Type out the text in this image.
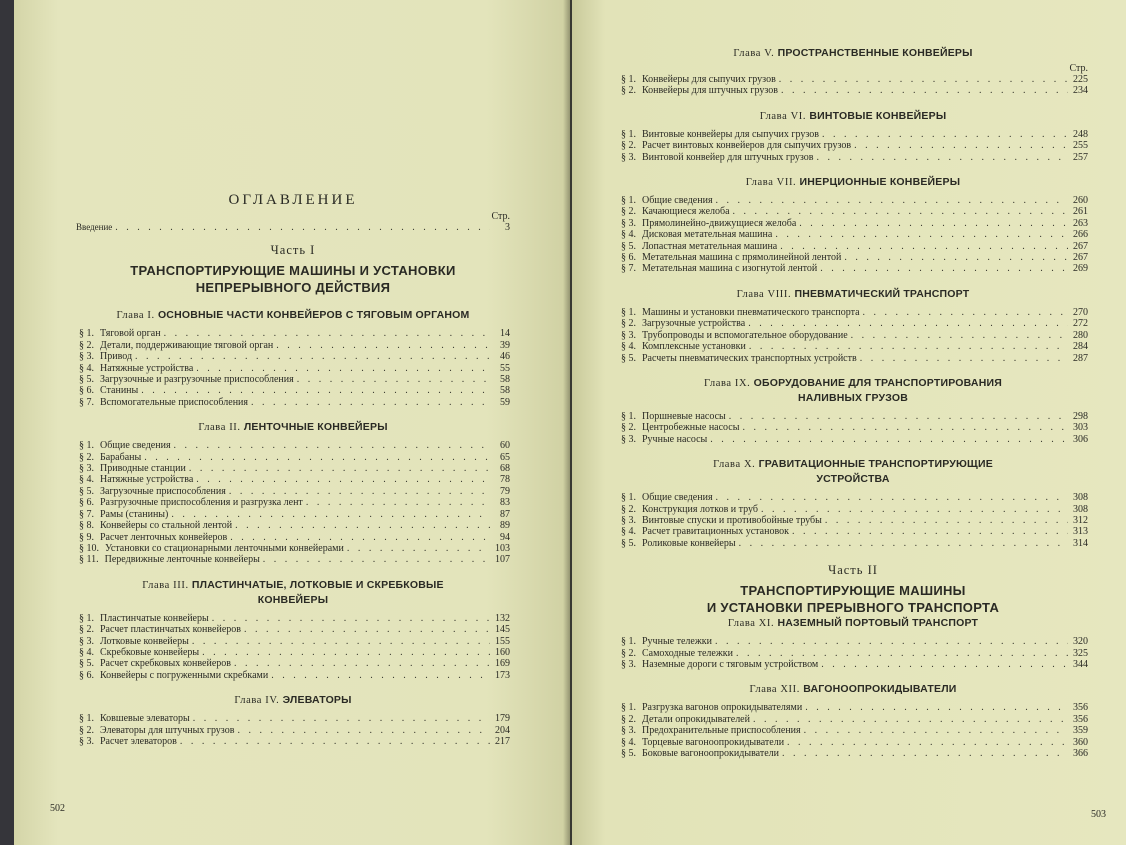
ОГЛАВЛЕНИЕ
Стр.
Введение . . .	3
Часть I
ТРАНСПОРТИРУЮЩИЕ МАШИНЫ И УСТАНОВКИ
НЕПРЕРЫВНОГО ДЕЙСТВИЯ
Глава I. ОСНОВНЫЕ ЧАСТИ КОНВЕЙЕРОВ С ТЯГОВЫМ ОРГАНОМ
§ 1. Тяговой орган . . .	14
§ 2. Детали, поддерживающие тяговой орган . . .	39
§ 3. Привод . . .	46
§ 4. Натяжные устройства . . .	55
§ 5. Загрузочные и разгрузочные приспособления . . .	58
§ 6. Станины . . .	58
§ 7. Вспомогательные приспособления . . .	59
Глава II. ЛЕНТОЧНЫЕ КОНВЕЙЕРЫ
§ 1. Общие сведения . . .	60
§ 2. Барабаны . . .	65
§ 3. Приводные станции . . .	68
§ 4. Натяжные устройства . . .	78
§ 5. Загрузочные приспособления . . .	79
§ 6. Разгрузочные приспособления и разгрузка лент . . .	83
§ 7. Рамы (станины) . . .	87
§ 8. Конвейеры со стальной лентой . . .	89
§ 9. Расчет ленточных конвейеров . . .	94
§ 10. Установки со стационарными ленточными конвейерами . . .	103
§ 11. Передвижные ленточные конвейеры . . .	107
Глава III. ПЛАСТИНЧАТЫЕ, ЛОТКОВЫЕ И СКРЕБКОВЫЕ
КОНВЕЙЕРЫ
§ 1. Пластинчатые конвейеры . . .	132
§ 2. Расчет пластинчатых конвейеров . . .	145
§ 3. Лотковые конвейеры . . .	155
§ 4. Скребковые конвейеры . . .	160
§ 5. Расчет скребковых конвейеров . . .	169
§ 6. Конвейеры с погруженными скребками . . .	173
Глава IV. ЭЛЕВАТОРЫ
§ 1. Ковшевые элеваторы . . .	179
§ 2. Элеваторы для штучных грузов . . .	204
§ 3. Расчет элеваторов . . .	217
502
Глава V. ПРОСТРАНСТВЕННЫЕ КОНВЕЙЕРЫ
Стр.
§ 1. Конвейеры для сыпучих грузов . . .	225
§ 2. Конвейеры для штучных грузов . . .	234
Глава VI. ВИНТОВЫЕ КОНВЕЙЕРЫ
§ 1. Винтовые конвейеры для сыпучих грузов . . .	248
§ 2. Расчет винтовых конвейеров для сыпучих грузов . . .	255
§ 3. Винтовой конвейер для штучных грузов . . .	257
Глава VII. ИНЕРЦИОННЫЕ КОНВЕЙЕРЫ
§ 1. Общие сведения . . .	260
§ 2. Качающиеся желоба . . .	261
§ 3. Прямолинейно-движущиеся желоба . . .	263
§ 4. Дисковая метательная машина . . .	266
§ 5. Лопастная метательная машина . . .	267
§ 6. Метательная машина с прямолинейной лентой . . .	267
§ 7. Метательная машина с изогнутой лентой . . .	269
Глава VIII. ПНЕВМАТИЧЕСКИЙ ТРАНСПОРТ
§ 1. Машины и установки пневматического транспорта . . .	270
§ 2. Загрузочные устройства . . .	272
§ 3. Трубопроводы и вспомогательное оборудование . . .	280
§ 4. Комплексные установки . . .	284
§ 5. Расчеты пневматических транспортных устройств . . .	287
Глава IX. ОБОРУДОВАНИЕ ДЛЯ ТРАНСПОРТИРОВАНИЯ
НАЛИВНЫХ ГРУЗОВ
§ 1. Поршневые насосы . . .	298
§ 2. Центробежные насосы . . .	303
§ 3. Ручные насосы . . .	306
Глава X. ГРАВИТАЦИОННЫЕ ТРАНСПОРТИРУЮЩИЕ
УСТРОЙСТВА
§ 1. Общие сведения . . .	308
§ 2. Конструкция лотков и труб . . .	308
§ 3. Винтовые спуски и противобойные трубы . . .	312
§ 4. Расчет гравитационных установок . . .	313
§ 5. Роликовые конвейеры . . .	314
Часть II
ТРАНСПОРТИРУЮЩИЕ МАШИНЫ
И УСТАНОВКИ ПРЕРЫВНОГО ТРАНСПОРТА
Глава XI. НАЗЕМНЫЙ ПОРТОВЫЙ ТРАНСПОРТ
§ 1. Ручные тележки . . .	320
§ 2. Самоходные тележки . . .	325
§ 3. Наземные дороги с тяговым устройством . . .	344
Глава XII. ВАГОНООПРОКИДЫВАТЕЛИ
§ 1. Разгрузка вагонов опрокидывателями . . .	356
§ 2. Детали опрокидывателей . . .	356
§ 3. Предохранительные приспособления . . .	359
§ 4. Торцевые вагоноопрокидыватели . . .	360
§ 5. Боковые вагоноопрокидыватели . . .	366
503
